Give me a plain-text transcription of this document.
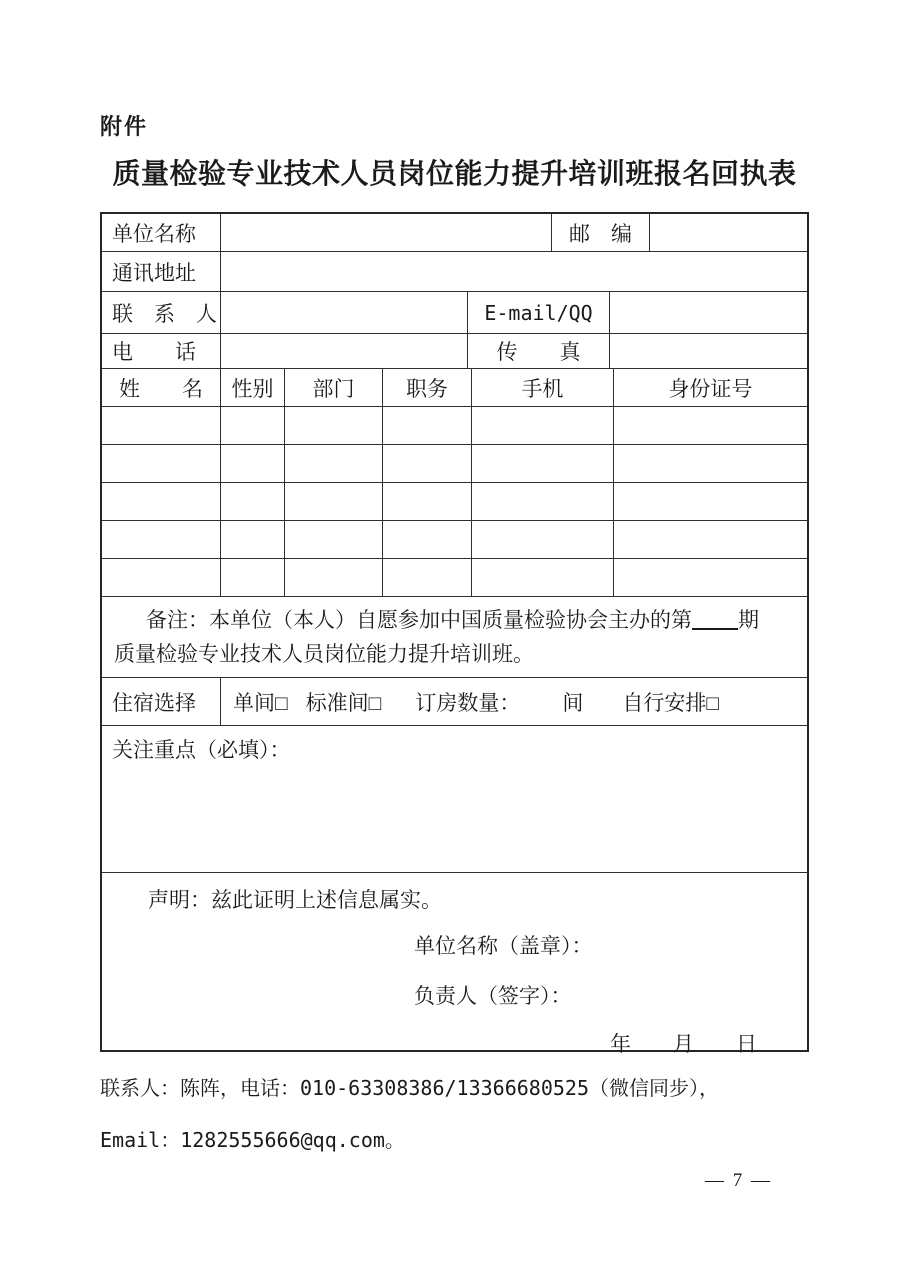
附件
质量检验专业技术人员岗位能力提升培训班报名回执表
单位名称	邮　编
通讯地址
联　系　人	E-mail/QQ
电　　话	传　　真
姓　　名	性别	部门	职务	手机	身份证号
备注：本单位（本人）自愿参加中国质量检验协会主办的第 期
质量检验专业技术人员岗位能力提升培训班。
住宿选择	单间□ 标准间□ 订房数量： 间 自行安排□
关注重点（必填）：
声明：兹此证明上述信息属实。
单位名称（盖章）：
负责人（签字）：
年　　月　　日
联系人：陈阵，电话：010-63308386/13366680525（微信同步），
Email：1282555666@qq.com。
— 7 —
